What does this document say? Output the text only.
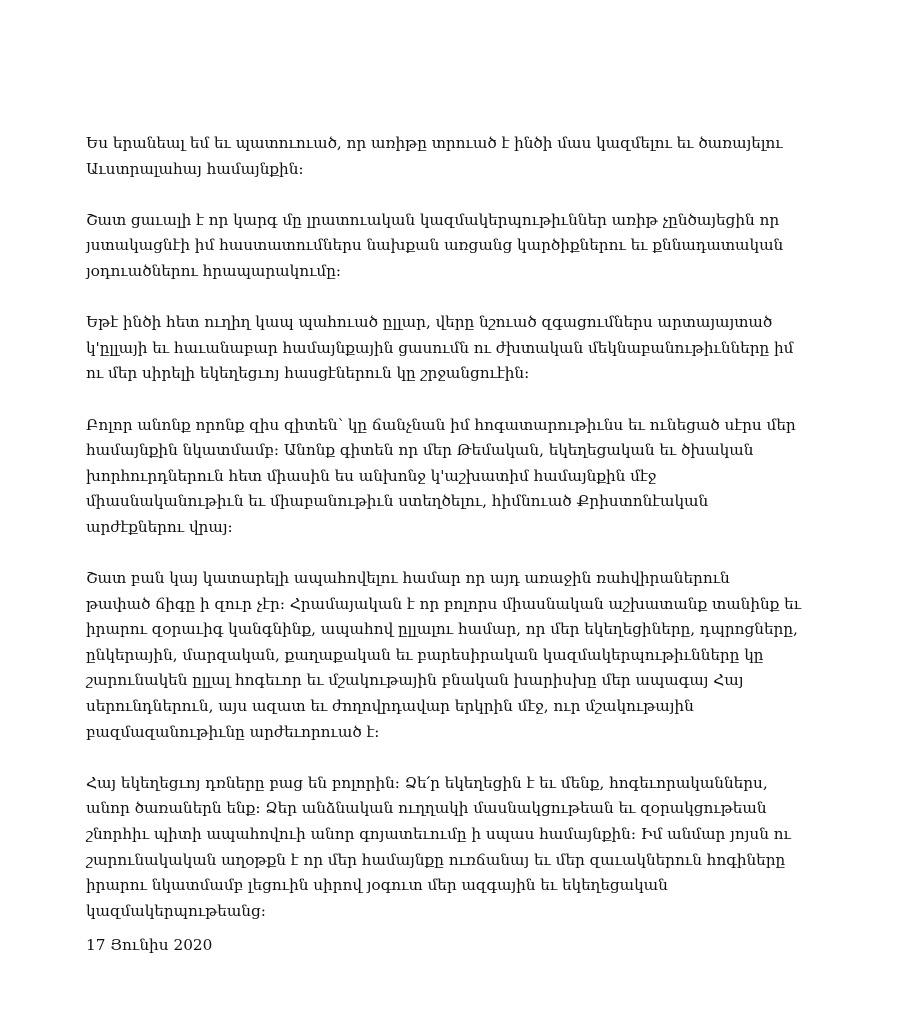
Ես երանեալ եմ եւ պատուուած, որ առիթը տրուած է ինծի մաս կազմելու եւ ծառայելու
Աւստրալահայ համայնքին:
Շատ ցաւալի է որ կարգ մը լրատուական կազմակերպութիւններ առիթ չընծայեցին որ
յստակացնէի իմ հաստատումներս նախքան առցանց կարծիքներու եւ քննադատական
յօդուածներու հրապարակումը:
Եթէ ինծի հետ ուղիղ կապ պահուած ըլլար, վերը նշուած զգացումներս արտայայտած
կ'ըլլայի եւ հաւանաբար համայնքային ցասումն ու ժխտական մեկնաբանութիւնները իմ
ու մեր սիրելի եկեղեցւոյ հասցէներուն կը շրջանցուէին:
Բոլոր անոնք որոնք զիս զիտեն՝ կը ճանչնան իմ հոգատարութիւնս եւ ունեցած սէրս մեր
համայնքին նկատմամբ: Անոնք գիտեն որ մեր Թեմական, եկեղեցական եւ ծխական
խորհուրդներուն հետ միասին ես անխոնջ կ'աշխատիմ համայնքին մէջ
միասնականութիւն եւ միաբանութիւն ստեղծելու, հիմնուած Քրիստոնէական
արժէքներու վրայ:
Շատ բան կայ կատարելի ապահովելու համար որ այդ առաջին ռահվիրաներուն
թափած ճիգը ի զուր չէր: Հրամայական է որ բոլորս միասնական աշխատանք տանինք եւ
իրարու զօրաւիգ կանգնինք, ապահով ըլլալու համար, որ մեր եկեղեցիները, դպրոցները,
ընկերային, մարզական, քաղաքական եւ բարեսիրական կազմակերպութիւնները կը
շարունակեն ըլլալ հոգեւոր եւ մշակութային բնական խարիսխը մեր ապագայ Հայ
սերունդներուն, այս ազատ եւ ժողովրդավար երկրին մէջ, ուր մշակութային
բազմազանութիւնը արժեւորուած է:
Հայ եկեղեցւոյ դռները բաց են բոլորին: Ձե՛ր եկեղեցին է եւ մենք, հոգեւորականներս,
անոր ծառաներն ենք: Ձեր անձնական ուղղակի մասնակցութեան եւ զօրակցութեան
շնորհիւ պիտի ապահովուի անոր գոյատեւումը ի սպաս համայնքին: Իմ անմար յոյսն ու
շարունակական աղօթքն է որ մեր համայնքը ուռճանայ եւ մեր զաւակներուն հոգիները
իրարու նկատմամբ լեցուին սիրով յօգուտ մեր ազգային եւ եկեղեցական
կազմակերպութեանց:
17 Յունիս 2020
